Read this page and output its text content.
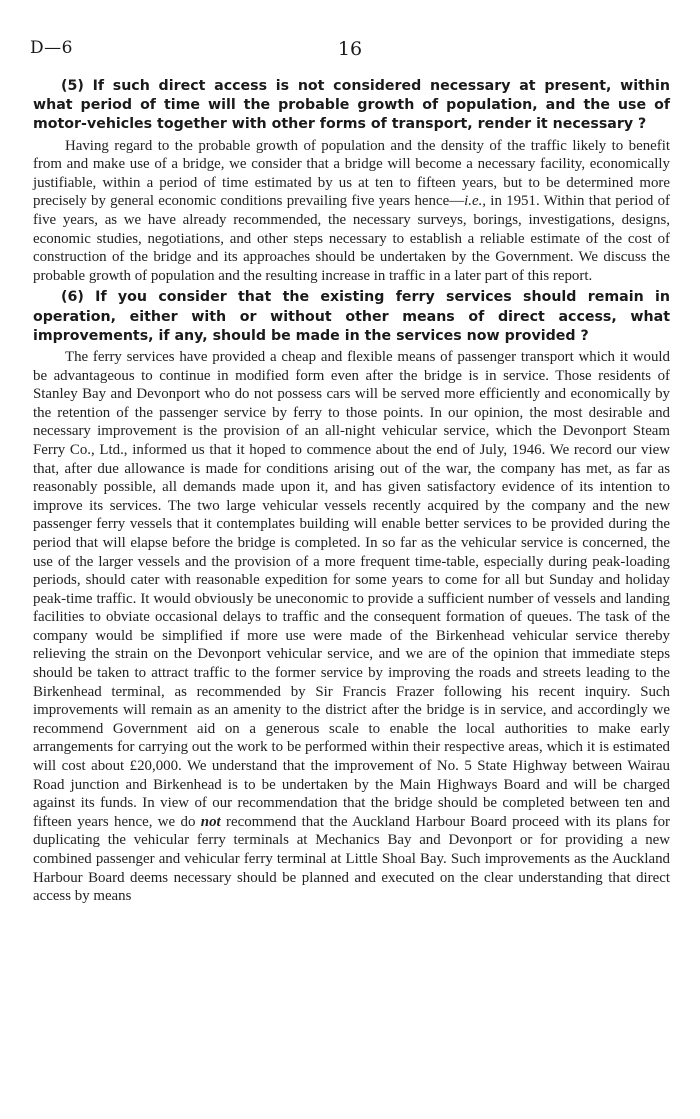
16
D—6

(5) If such direct access is not considered necessary at present, within what period of time will the probable growth of population, and the use of motor-vehicles together with other forms of transport, render it necessary ?

Having regard to the probable growth of population and the density of the traffic likely to benefit from and make use of a bridge, we consider that a bridge will become a necessary facility, economically justifiable, within a period of time estimated by us at ten to fifteen years, but to be determined more precisely by general economic conditions prevailing five years hence—i.e., in 1951. Within that period of five years, as we have already recommended, the necessary surveys, borings, investigations, designs, economic studies, negotiations, and other steps necessary to establish a reliable estimate of the cost of construction of the bridge and its approaches should be undertaken by the Government. We discuss the probable growth of population and the resulting increase in traffic in a later part of this report.

(6) If you consider that the existing ferry services should remain in operation, either with or without other means of direct access, what improvements, if any, should be made in the services now provided ?

The ferry services have provided a cheap and flexible means of passenger transport which it would be advantageous to continue in modified form even after the bridge is in service. Those residents of Stanley Bay and Devonport who do not possess cars will be served more efficiently and economically by the retention of the passenger service by ferry to those points. In our opinion, the most desirable and necessary improvement is the provision of an all-night vehicular service, which the Devonport Steam Ferry Co., Ltd., informed us that it hoped to commence about the end of July, 1946. We record our view that, after due allowance is made for conditions arising out of the war, the company has met, as far as reasonably possible, all demands made upon it, and has given satisfactory evidence of its intention to improve its services. The two large vehicular vessels recently acquired by the company and the new passenger ferry vessels that it contemplates building will enable better services to be provided during the period that will elapse before the bridge is completed. In so far as the vehicular service is concerned, the use of the larger vessels and the provision of a more frequent time-table, especially during peak-loading periods, should cater with reasonable expedition for some years to come for all but Sunday and holiday peak-time traffic. It would obviously be uneconomic to provide a sufficient number of vessels and landing facilities to obviate occasional delays to traffic and the consequent formation of queues. The task of the company would be simplified if more use were made of the Birkenhead vehicular service thereby relieving the strain on the Devonport vehicular service, and we are of the opinion that immediate steps should be taken to attract traffic to the former service by improving the roads and streets leading to the Birkenhead terminal, as recommended by Sir Francis Frazer following his recent inquiry. Such improvements will remain as an amenity to the district after the bridge is in service, and accordingly we recommend Government aid on a generous scale to enable the local authorities to make early arrangements for carrying out the work to be performed within their respective areas, which it is estimated will cost about £20,000. We understand that the improvement of No. 5 State Highway between Wairau Road junction and Birkenhead is to be undertaken by the Main Highways Board and will be charged against its funds. In view of our recommendation that the bridge should be completed between ten and fifteen years hence, we do not recommend that the Auckland Harbour Board proceed with its plans for duplicating the vehicular ferry terminals at Mechanics Bay and Devonport or for providing a new combined passenger and vehicular ferry terminal at Little Shoal Bay. Such improvements as the Auckland Harbour Board deems necessary should be planned and executed on the clear understanding that direct access by means
